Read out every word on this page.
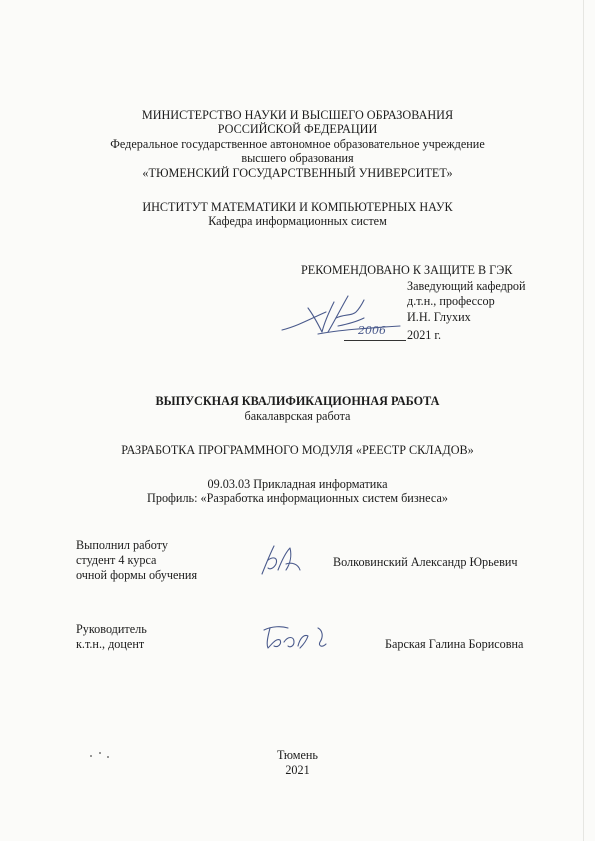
МИНИСТЕРСТВО НАУКИ И ВЫСШЕГО ОБРАЗОВАНИЯ
РОССИЙСКОЙ ФЕДЕРАЦИИ
Федеральное государственное автономное образовательное учреждение
высшего образования
«ТЮМЕНСКИЙ ГОСУДАРСТВЕННЫЙ УНИВЕРСИТЕТ»
ИНСТИТУТ МАТЕМАТИКИ И КОМПЬЮТЕРНЫХ НАУК
Кафедра информационных систем
РЕКОМЕНДОВАНО К ЗАЩИТЕ В ГЭК
Заведующий кафедрой
д.т.н., профессор
И.Н. Глухих
2021 г.
2006
ВЫПУСКНАЯ КВАЛИФИКАЦИОННАЯ РАБОТА
бакалаврская работа
РАЗРАБОТКА ПРОГРАММНОГО МОДУЛЯ «РЕЕСТР СКЛАДОВ»
09.03.03 Прикладная информатика
Профиль: «Разработка информационных систем бизнеса»
Выполнил работу
студент 4 курса
очной формы обучения
Волковинский Александр Юрьевич
Руководитель
к.т.н., доцент	Барская Галина Борисовна
Тюмень
2021
